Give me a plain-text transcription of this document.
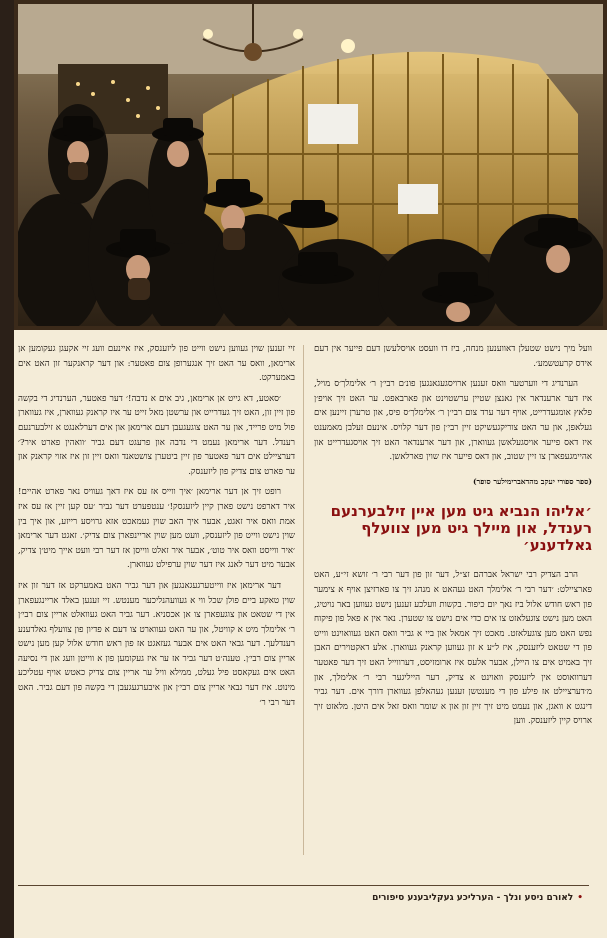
וועל מיך נישט שטעלן דאווענען מנחה, ביז דו וועסט אויסלעשן דעם פייער אין דעם אידס קרעטשמע׳.

הערנדיג די ווערטער וואס זענען ארויסגעגאנגען פונ׳ם רבי׳ן ר׳ אלימלך׳ס מויל, איז דער ארענדאר אין גאנצן שטיין ערשטוינט און פארבאפט. ער האט זיך אויפ׳ן פלאץ אומגעדרייט, אויף דער ערד צום רבי׳ן ר׳ אלימלך׳ס פיס, און טרערן זיינען אים געלאפן, און ער האט צוריקגעשיקט זיין רבי׳ן פון דער קלויס. אינעם זעלבן מאמענט איז דאס פייער אויסגעלאשן געווארן, און דער ארענדאר האט זיך אויסגעדרייט און אהיימגעפארן צו זיין שטוב, און דאס פייער איז שוין פארלאשן.

(ספר ספורי יעקב מהדאברימילער סופר)
׳אליהו הנביא גיט מען איין זילבערנעם רענדל, און מיילך גיט מען צוועלף גאלדענע׳

הרב הצדיק רבי ישראל אברהם זצ״ל, דער זון פון דער רבי ר׳ זושא זי״ע, האט פארציילט: ׳דער רבי ר׳ אלימלך האט געהאט א מנהג זיך צו פארזיצן אויף א צימער פון ראש חודש אלול ביז נאך יום כיפור. בקשות וועלכע זענען נישט געווען באר נויטיג, האט מען נישט צוגעלאזט צו אים כדי אים נישט צו שטערן. נאר אין א פאל פון פיקוח נפש האט מען צוגעלאזט. מאכט זיך אמאל און ביי א גביר וואס האט געוואוינט ווייט פון די שטאט ליזענסק, איז ל״ע א זון געווען קראנק געווארן. אלע דאקטוירים האבן זיך באמיט אים צו היילן, אבער אלעס איז ארומזיסט, דערווייל האט זיך דער פאטער דערוואוסט אין ליזענסק וואוינט א צדיק, דער הייליגער רבי ר׳ אלימלך, און מ׳דערציילט אז פילע פון די מענטשן זענען געהאלפן געווארן דורך אים. דער גביר דינגט א וואגן, און נעמט מיט זיך זיין זון און א שומר וואס זאל אים היטן. מלאזט זיך ארויס קיין ליזענסק. ווען

זיי זענען שוין געווען נישט ווייט פון ליזענסק, איז איינעם וועג זיי אקעגן געקומען אן ארימאן, וואס ער האט זיך אנגערופן צום פאטער: און דער קראנקער זון האט אים באמערקט.

׳סאטע, דא גייט אן ארימאן, גיב אים א נדבה!׳ דער פאטער, הערנדיג די בקשה פון זיין זון, האט זיך געדרייט און ערשטן מאל זייט ער איז קראנק געווארן, איז געווארן פול מיט פרייד, און ער האט צוגעגעבן דעם ארימאן און אים דערלאנגט א זילבערנעם רענדל. דער ארימאן נעמט די נדבה און פרעגט דעם גביר ׳וואהין פארט איר?׳ דערציילט אים דער פאטער פון זיין ביטערן צושטאנד וואס זיין זון איז אזוי קראנק און ער פארט צום צדיק פון ליזענסק.

רופט זיך אן דער ארימאן ׳איך ווייס אז עס איז דאך געוויס נאר פארט אהיים! איר דארפט נישט פארן קיין ליזענסק!׳ ענטפערט דער גביר ׳עס קען זיין אז עס איז אמת וואס איר זאגט, אבער איך האב שוין געמאכט אזא גרויסע רייזע, און איך בין שוין נישט ווייט פון ליזענסק, וועט מען שוין אריינפארן צום צדיק׳. זאגט דער ארימאן ׳איר ווייסט וואס איר טוט׳, אבער איר זאלט ווייסן אז דער רבי וועט אייך מיט׳ן צדיק, אבער מיט דער לאנג איז דער שוין ערפילט געווארן.

דער ארימאן איז ווייטערגעגאנגען און דער גביר האט באמערקט אז דער זון איז שוין טאקע ביים פולן שכל ווי א געוועהנליכער מענטש. זיי זענען באלד אריינגעפארן אין די שטאט און צוגעפארן צו אן אכסניא. דער גביר האט געוואלט אריין צום רבי׳ן ר׳ אלימלך מיט א קוויטל, און ער האט געווארט צו דעם א פדיון פון צוועלף גאלדענע רענדלעך. דער גבאי האט אים אבער געזאגט אז פון ראש חודש אלול קען מען נישט אריין צום רבי׳ן. טענה׳ט דער גביר אז ער איז געקומען פון א ווייטן וועג און די נסיעה האט אים געקאסט פיל געלט, ממילא וויל ער אריין צום צדיק כאטש אויף עטליכע מינוט. איז דער גבאי אריין צום רבי׳ן און איבערגעגעבן די בקשה פון דעם גביר. האט דער רבי ר׳

•לאורם ניסע ונלך - הערליכע געקליבענע סיפורים
